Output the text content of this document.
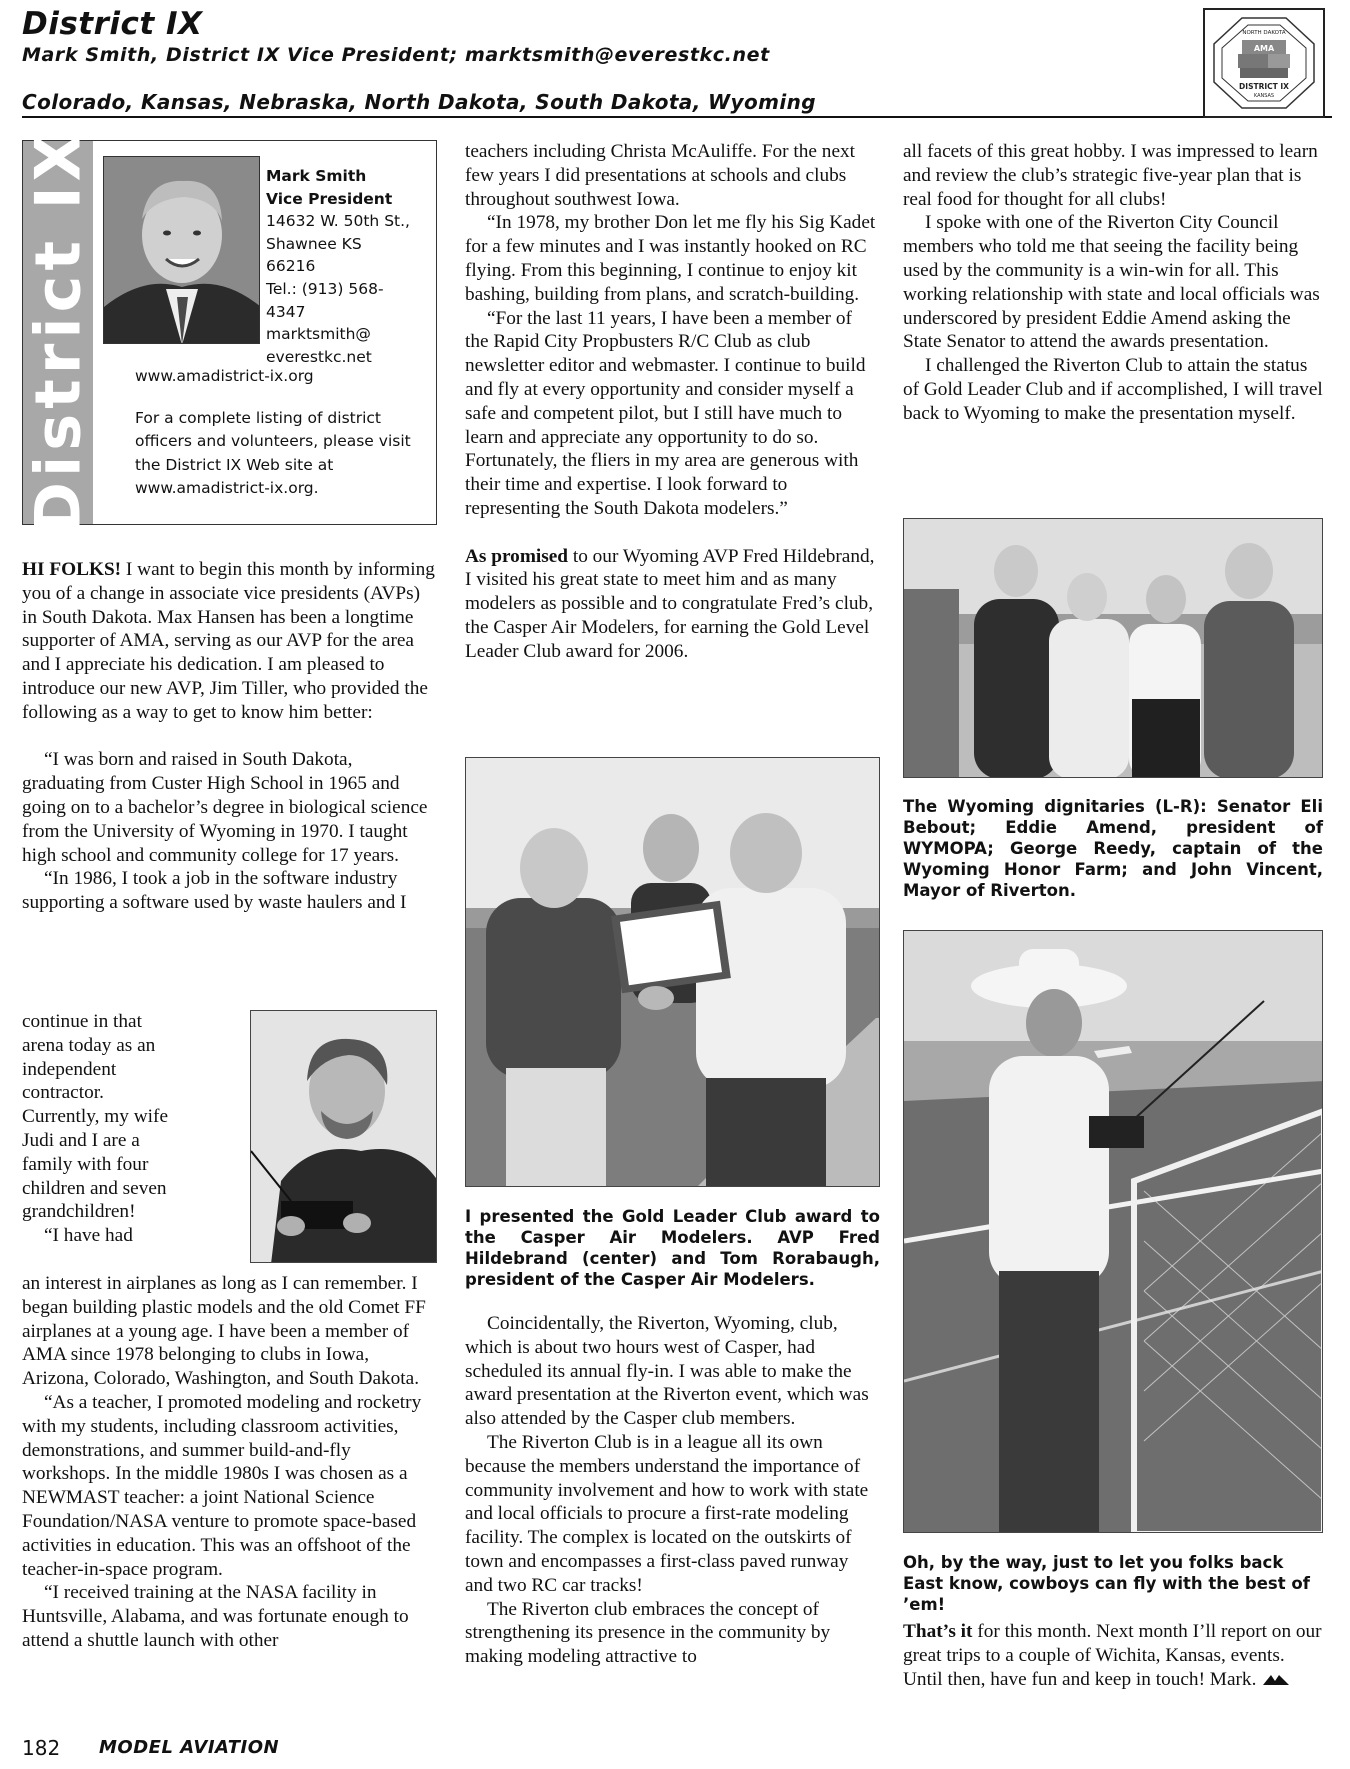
District IX
Mark Smith, District IX Vice President; marktsmith@everestkc.net
Colorado, Kansas, Nebraska, North Dakota, South Dakota, Wyoming
NORTH DAKOTA
AMA
DISTRICT IX
KANSAS
District IX	Mark Smith
Vice President
14632 W. 50th St.,
Shawnee KS
66216
Tel.: (913) 568-
4347
marktsmith@
everestkc.net
www.amadistrict-ix.org
For a complete listing of district officers and volunteers, please visit the District IX Web site at www.amadistrict-ix.org.

HI FOLKS! I want to begin this month by informing you of a change in associate vice presidents (AVPs) in South Dakota. Max Hansen has been a longtime supporter of AMA, serving as our AVP for the area and I appreciate his dedication. I am pleased to introduce our new AVP, Jim Tiller, who provided the following as a way to get to know him better:

“I was born and raised in South Dakota, graduating from Custer High School in 1965 and going on to a bachelor’s degree in biological science from the University of Wyoming in 1970. I taught high school and community college for 17 years.

“In 1986, I took a job in the software industry supporting a software used by waste haulers and I

continue in that arena today as an independent contractor. Currently, my wife Judi and I are a family with four children and seven grandchildren!

“I have had

an interest in airplanes as long as I can remember. I began building plastic models and the old Comet FF airplanes at a young age. I have been a member of AMA since 1978 belonging to clubs in Iowa, Arizona, Colorado, Washington, and South Dakota.

“As a teacher, I promoted modeling and rocketry with my students, including classroom activities, demonstrations, and summer build-and-fly workshops. In the middle 1980s I was chosen as a NEWMAST teacher: a joint National Science Foundation/NASA venture to promote space-based activities in education. This was an offshoot of the teacher-in-space program.

“I received training at the NASA facility in Huntsville, Alabama, and was fortunate enough to attend a shuttle launch with other

teachers including Christa McAuliffe. For the next few years I did presentations at schools and clubs throughout southwest Iowa.

“In 1978, my brother Don let me fly his Sig Kadet for a few minutes and I was instantly hooked on RC flying. From this beginning, I continue to enjoy kit bashing, building from plans, and scratch-building.

“For the last 11 years, I have been a member of the Rapid City Propbusters R/C Club as club newsletter editor and webmaster. I continue to build and fly at every opportunity and consider myself a safe and competent pilot, but I still have much to learn and appreciate any opportunity to do so. Fortunately, the fliers in my area are generous with their time and expertise. I look forward to representing the South Dakota modelers.”

As promised to our Wyoming AVP Fred Hildebrand, I visited his great state to meet him and as many modelers as possible and to congratulate Fred’s club, the Casper Air Modelers, for earning the Gold Level Leader Club award for 2006.

I presented the Gold Leader Club award to the Casper Air Modelers. AVP Fred Hildebrand (center) and Tom Rorabaugh, president of the Casper Air Modelers.

Coincidentally, the Riverton, Wyoming, club, which is about two hours west of Casper, had scheduled its annual fly-in. I was able to make the award presentation at the Riverton event, which was also attended by the Casper club members.

The Riverton Club is in a league all its own because the members understand the importance of community involvement and how to work with state and local officials to procure a first-rate modeling facility. The complex is located on the outskirts of town and encompasses a first-class paved runway and two RC car tracks!

The Riverton club embraces the concept of strengthening its presence in the community by making modeling attractive to

all facets of this great hobby. I was impressed to learn and review the club’s strategic five-year plan that is real food for thought for all clubs!

I spoke with one of the Riverton City Council members who told me that seeing the facility being used by the community is a win-win for all. This working relationship with state and local officials was underscored by president Eddie Amend asking the State Senator to attend the awards presentation.

I challenged the Riverton Club to attain the status of Gold Leader Club and if accomplished, I will travel back to Wyoming to make the presentation myself.

The Wyoming dignitaries (L-R): Senator Eli Bebout; Eddie Amend, president of WYMOPA; George Reedy, captain of the Wyoming Honor Farm; and John Vincent, Mayor of Riverton.
Oh, by the way, just to let you folks back East know, cowboys can fly with the best of ’em!

That’s it for this month. Next month I’ll report on our great trips to a couple of Wichita, Kansas, events. Until then, have fun and keep in touch! Mark.

182 MODEL AVIATION
